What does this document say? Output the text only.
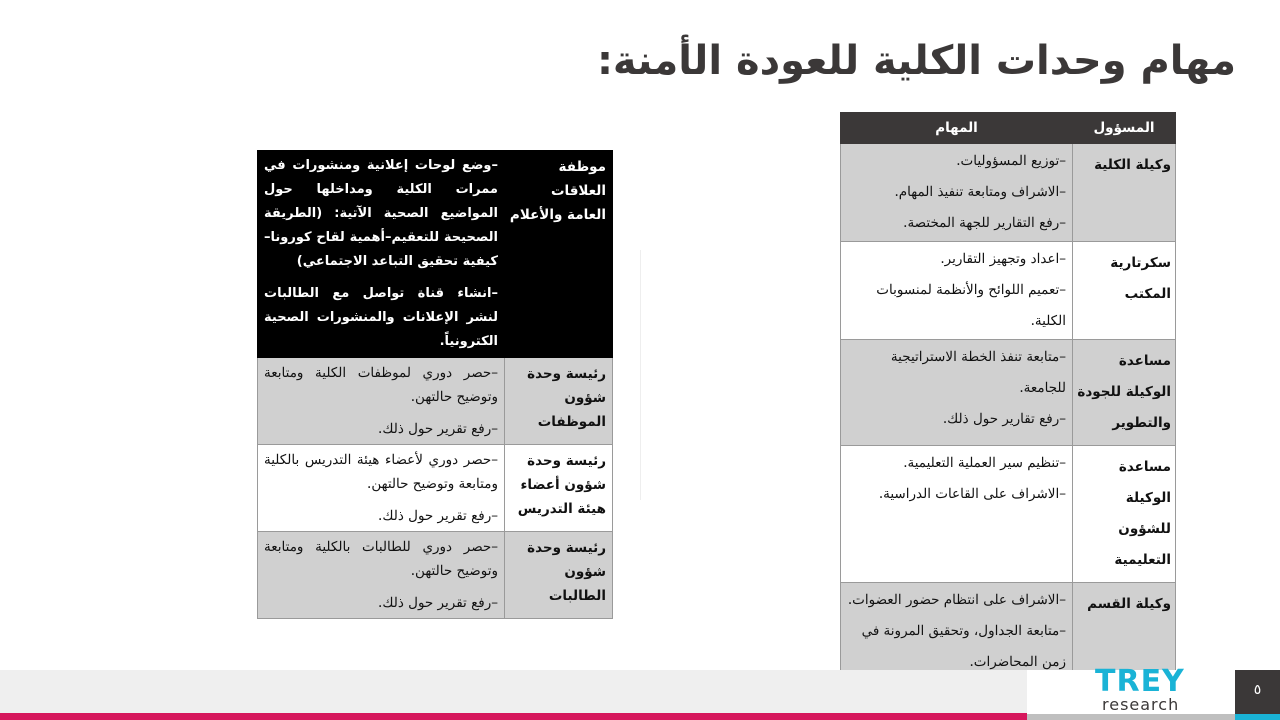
مهام وحدات الكلية للعودة الأمنة:
المسؤول	المهام
وكيلة الكلية	–توزيع المسؤوليات.
–الاشراف ومتابعة تنفيذ المهام.
–رفع التقارير للجهة المختصة.

سكرتارية المكتب	–اعداد وتجهيز التقارير.
–تعميم اللوائح والأنظمة لمنسوبات الكلية.

مساعدة الوكيلة للجودة والتطوير	–متابعة تنفذ الخطة الاستراتيجية للجامعة.
–رفع تقارير حول ذلك.

مساعدة الوكيلة للشؤون التعليمية	–تنظيم سير العملية التعليمية.
–الاشراف على القاعات الدراسية.

وكيلة القسم	–الاشراف على انتظام حضور العضوات.
–متابعة الجداول، وتحقيق المرونة في زمن المحاضرات.
موظفة العلاقات العامة والأعلام	–وضع لوحات إعلانية ومنشورات في ممرات الكلية ومداخلها حول المواضيع الصحية الآتية: (الطريقة الصحيحة للتعقيم–أهمية لقاح كورونا– كيفية تحقيق التباعد الاجتماعي)
–انشاء قناة تواصل مع الطالبات لنشر الإعلانات والمنشورات الصحية الكترونياً.

رئيسة وحدة شؤون الموظفات	–حصر دوري لموظفات الكلية ومتابعة وتوضيح حالتهن.
–رفع تقرير حول ذلك.

رئيسة وحدة شؤون أعضاء هيئة التدريس	–حصر دوري لأعضاء هيئة التدريس بالكلية ومتابعة وتوضيح حالتهن.
–رفع تقرير حول ذلك.

رئيسة وحدة شؤون الطالبات	–حصر دوري للطالبات بالكلية ومتابعة وتوضيح حالتهن.
–رفع تقرير حول ذلك.
TREY
research
٥
